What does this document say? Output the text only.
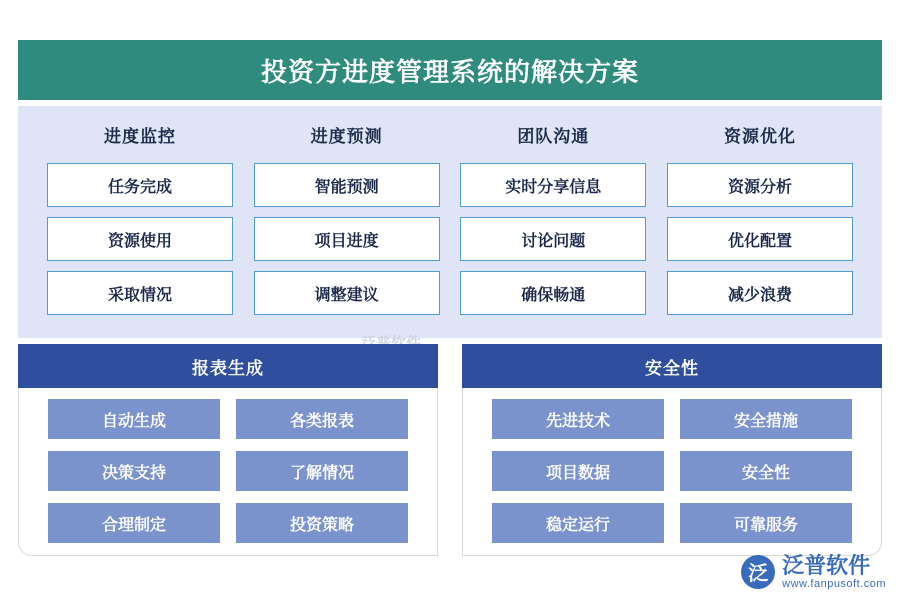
投资方进度管理系统的解决方案
进度监控
任务完成
资源使用
采取情况
进度预测
智能预测
项目进度
调整建议
团队沟通
实时分享信息
讨论问题
确保畅通
资源优化
资源分析
优化配置
减少浪费
报表生成
自动生成	各类报表
决策支持	了解情况
合理制定	投资策略
安全性
先进技术	安全措施
项目数据	安全性
稳定运行	可靠服务
泛 泛普软件
www.fanpusoft.com
